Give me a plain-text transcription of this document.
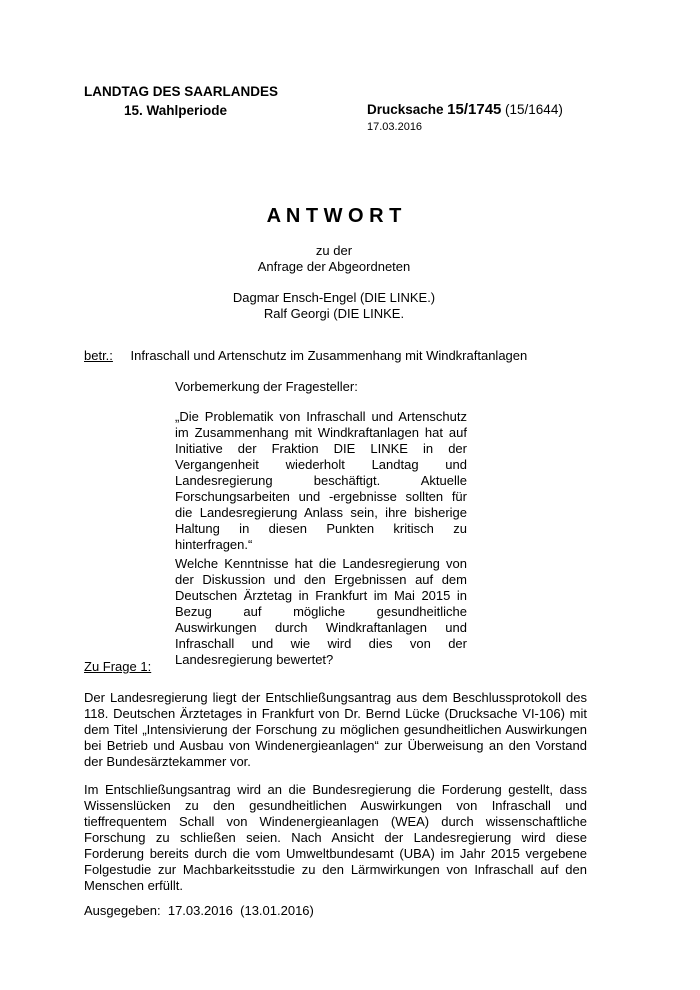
LANDTAG DES SAARLANDES
15. Wahlperiode	Drucksache 15/1745 (15/1644)
17.03.2016
A N T W O R T
zu der
Anfrage der Abgeordneten
Dagmar Ensch-Engel (DIE LINKE.)
Ralf Georgi (DIE LINKE.
betr.: Infraschall und Artenschutz im Zusammenhang mit Windkraftanlagen
Vorbemerkung der Fragesteller:
„Die Problematik von Infraschall und Artenschutz im Zusammenhang mit Windkraftanlagen hat auf Initiative der Fraktion DIE LINKE in der Vergangenheit wiederholt Landtag und Landesregierung beschäftigt. Aktuelle Forschungsarbeiten und -ergebnisse sollten für die Landesregierung Anlass sein, ihre bisherige Haltung in diesen Punkten kritisch zu hinterfragen.“
Welche Kenntnisse hat die Landesregierung von der Diskussion und den Ergebnissen auf dem Deutschen Ärztetag in Frankfurt im Mai 2015 in Bezug auf mögliche gesundheitliche Auswirkungen durch Windkraftanlagen und Infraschall und wie wird dies von der Landesregierung bewertet?
Zu Frage 1:
Der Landesregierung liegt der Entschließungsantrag aus dem Beschlussprotokoll des 118. Deutschen Ärztetages in Frankfurt von Dr. Bernd Lücke (Drucksache VI-106) mit dem Titel „Intensivierung der Forschung zu möglichen gesundheitlichen Auswirkungen bei Betrieb und Ausbau von Windenergieanlagen“ zur Überweisung an den Vorstand der Bundesärztekammer vor.
Im Entschließungsantrag wird an die Bundesregierung die Forderung gestellt, dass Wissenslücken zu den gesundheitlichen Auswirkungen von Infraschall und tieffrequentem Schall von Windenergieanlagen (WEA) durch wissenschaftliche Forschung zu schließen seien. Nach Ansicht der Landesregierung wird diese Forderung bereits durch die vom Umweltbundesamt (UBA) im Jahr 2015 vergebene Folgestudie zur Machbarkeitsstudie zu den Lärmwirkungen von Infraschall auf den Menschen erfüllt.
Ausgegeben:  17.03.2016  (13.01.2016)
